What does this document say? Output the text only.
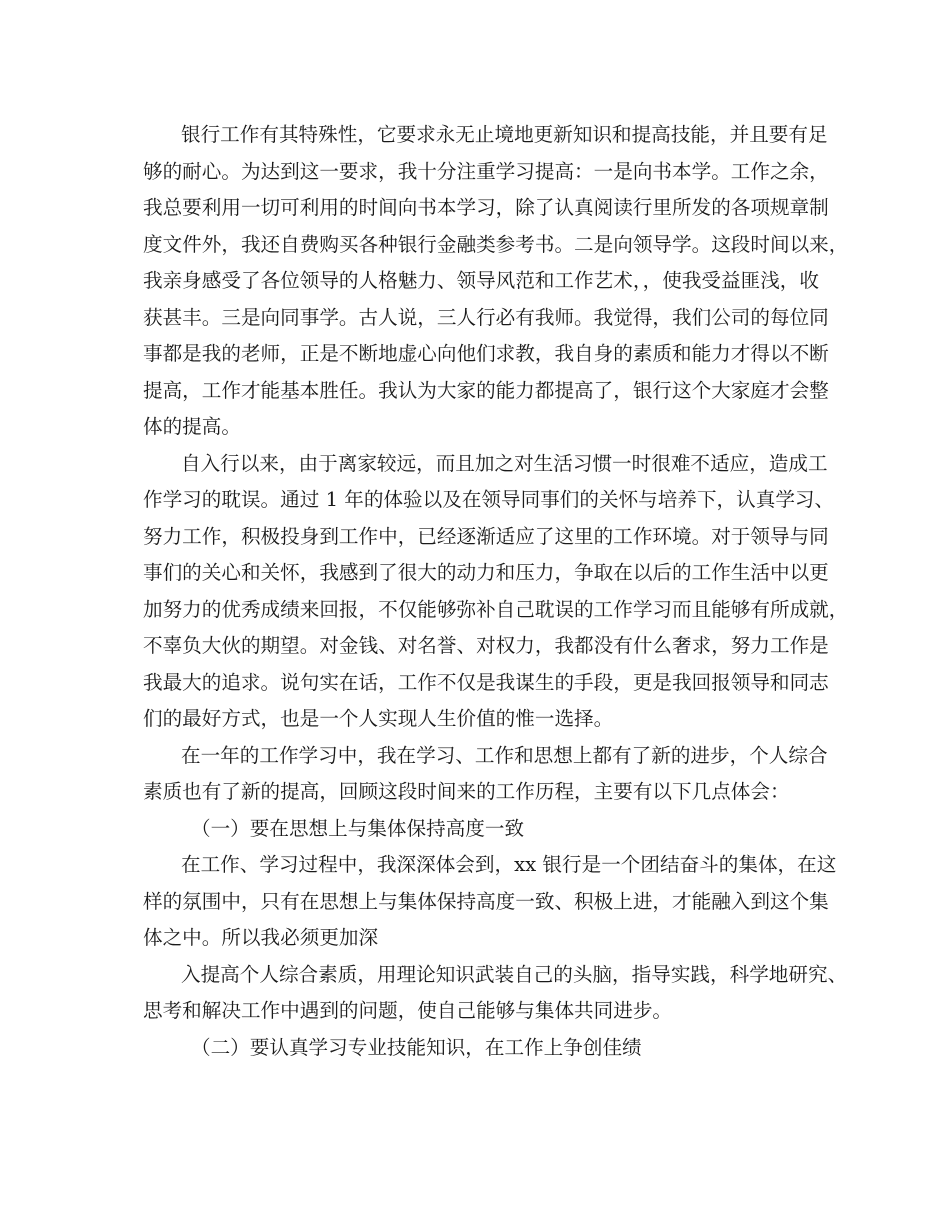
银行工作有其特殊性，它要求永无止境地更新知识和提高技能，并且要有足
够的耐心。为达到这一要求，我十分注重学习提高：一是向书本学。工作之余，
我总要利用一切可利用的时间向书本学习，除了认真阅读行里所发的各项规章制
度文件外，我还自费购买各种银行金融类参考书。二是向领导学。这段时间以来，
我亲身感受了各位领导的人格魅力、领导风范和工作艺术，，使我受益匪浅，收
获甚丰。三是向同事学。古人说，三人行必有我师。我觉得，我们公司的每位同
事都是我的老师，正是不断地虚心向他们求教，我自身的素质和能力才得以不断
提高，工作才能基本胜任。我认为大家的能力都提高了，银行这个大家庭才会整
体的提高。
自入行以来，由于离家较远，而且加之对生活习惯一时很难不适应，造成工
作学习的耽误。通过 1 年的体验以及在领导同事们的关怀与培养下，认真学习、
努力工作，积极投身到工作中，已经逐渐适应了这里的工作环境。对于领导与同
事们的关心和关怀，我感到了很大的动力和压力，争取在以后的工作生活中以更
加努力的优秀成绩来回报，不仅能够弥补自己耽误的工作学习而且能够有所成就，
不辜负大伙的期望。对金钱、对名誉、对权力，我都没有什么奢求，努力工作是
我最大的追求。说句实在话，工作不仅是我谋生的手段，更是我回报领导和同志
们的最好方式，也是一个人实现人生价值的惟一选择。
在一年的工作学习中，我在学习、工作和思想上都有了新的进步，个人综合
素质也有了新的提高，回顾这段时间来的工作历程，主要有以下几点体会：
（一）要在思想上与集体保持高度一致
在工作、学习过程中，我深深体会到，xx 银行是一个团结奋斗的集体，在这
样的氛围中，只有在思想上与集体保持高度一致、积极上进，才能融入到这个集
体之中。所以我必须更加深
入提高个人综合素质，用理论知识武装自己的头脑，指导实践，科学地研究、
思考和解决工作中遇到的问题，使自己能够与集体共同进步。
（二）要认真学习专业技能知识，在工作上争创佳绩
